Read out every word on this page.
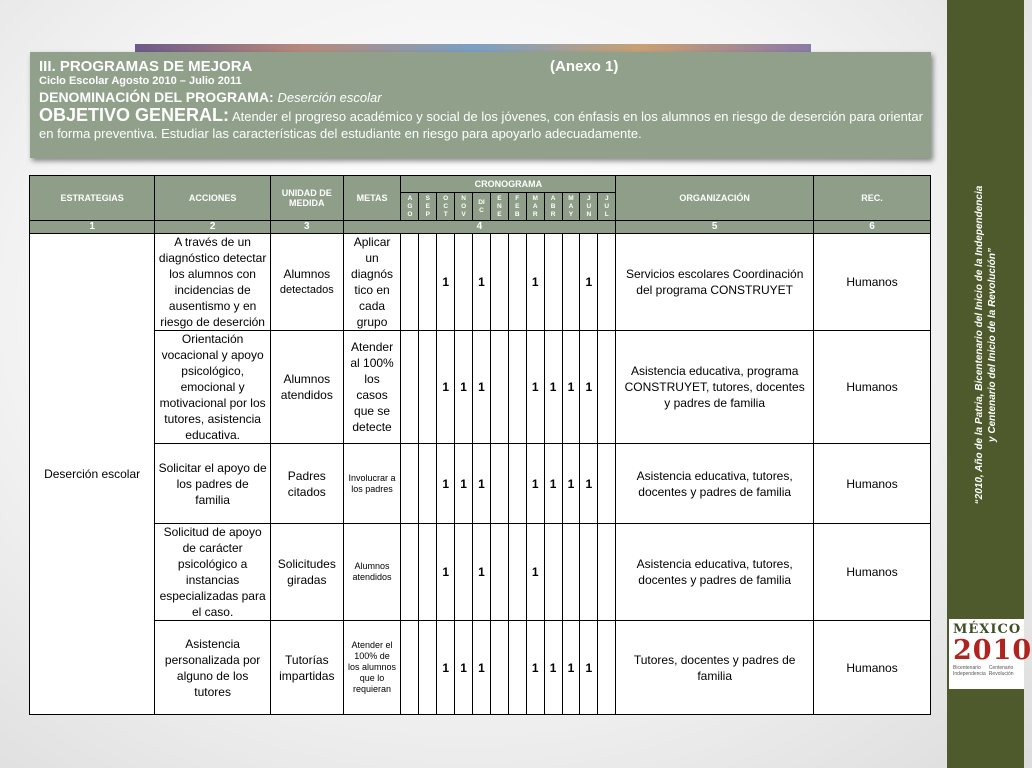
III. PROGRAMAS DE MEJORA	(Anexo 1)
Ciclo Escolar Agosto 2010 – Julio 2011
DENOMINACIÓN DEL PROGRAMA: Deserción escolar
OBJETIVO GENERAL: Atender el progreso académico y social de los jóvenes, con énfasis en los alumnos en riesgo de deserción para orientar en forma preventiva. Estudiar las características del estudiante en riesgo para apoyarlo adecuadamente.
ESTRATEGIAS	ACCIONES	UNIDAD DE MEDIDA	METAS	CRONOGRAMA												ORGANIZACIÓN	REC.
				AGO	SEP	OCT	NOV	DIC	ENE	FEB	MAR	ABR	MAY	JUN	JUL		
1	2	3	4													5	6
Deserción escolar	A través de un diagnóstico detectar los alumnos con incidencias de ausentismo y en riesgo de deserción	Alumnos
detectados	Aplicar un diagnós tico en cada grupo			1		1			1			1		Servicios escolares Coordinación del programa CONSTRUYET	Humanos
	Orientación vocacional y apoyo psicológico, emocional y motivacional por los tutores, asistencia educativa.	Alumnos
atendidos	Atender al 100% los casos que se detecte			1	1	1			1	1	1	1		Asistencia educativa, programa CONSTRUYET, tutores, docentes y padres de familia	Humanos
	Solicitar el apoyo de los padres de familia	Padres
citados	Involucrar a los padres			1	1	1			1	1	1	1		Asistencia educativa, tutores, docentes y padres de familia	Humanos
	Solicitud de apoyo de carácter psicológico a instancias especializadas para el caso.	Solicitudes
giradas	Alumnos atendidos			1		1			1					Asistencia educativa, tutores, docentes y padres de familia	Humanos
	Asistencia personalizada por alguno de los tutores	Tutorías
impartidas	Atender el 100% de los alumnos que lo requieran			1	1	1			1	1	1	1		Tutores, docentes y padres de familia	Humanos
“2010, Año de la Patria, Bicentenario del Inicio de la Independencia y Centenario del Inicio de la Revolución”
MÉXICO
2010
Bicentenario Independencia
Centenario Revolución
